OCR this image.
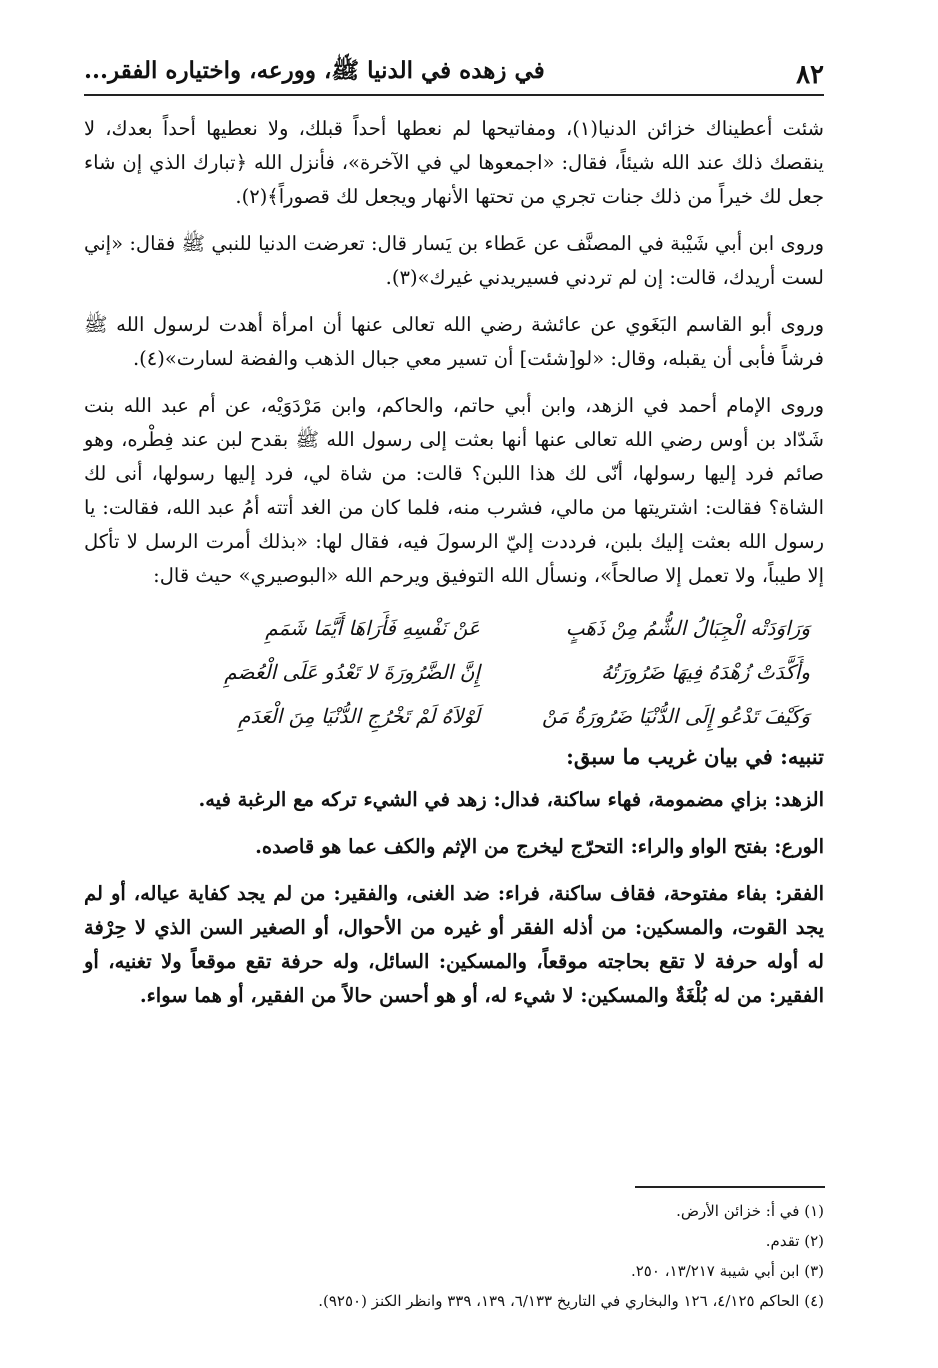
٨٢
في زهده في الدنيا ﷺ، وورعه، واختياره الفقر...

شئت أعطيناك خزائن الدنيا(١)، ومفاتيحها لم نعطها أحداً قبلك، ولا نعطيها أحداً بعدك، لا ينقصك ذلك عند الله شيئاً، فقال: «اجمعوها لي في الآخرة»، فأنزل الله ﴿تبارك الذي إن شاء جعل لك خيراً من ذلك جنات تجري من تحتها الأنهار ويجعل لك قصوراً﴾(٢).

وروى ابن أبي شَيْبة في المصنَّف عن عَطاء بن يَسار قال: تعرضت الدنيا للنبي ﷺ فقال: «إني لست أريدك، قالت: إن لم تردني فسيريدني غيرك»(٣).

وروى أبو القاسم البَغَوي عن عائشة رضي الله تعالى عنها أن امرأة أهدت لرسول الله ﷺ فرشاً فأبى أن يقبله، وقال: «لو[شئت] أن تسير معي جبال الذهب والفضة لسارت»(٤).

وروى الإمام أحمد في الزهد، وابن أبي حاتم، والحاكم، وابن مَرْدَوَيْه، عن أم عبد الله بنت شَدّاد بن أوس رضي الله تعالى عنها أنها بعثت إلى رسول الله ﷺ بقدح لبن عند فِطْره، وهو صائم فرد إليها رسولها، أنّى لك هذا اللبن؟ قالت: من شاة لي، فرد إليها رسولها، أنى لك الشاة؟ فقالت: اشتريتها من مالي، فشرب منه، فلما كان من الغد أتته أمُ عبد الله، فقالت: يا رسول الله بعثت إليك بلبن، فرددت إليّ الرسولَ فيه، فقال لها: «بذلك أمرت الرسل لا تأكل إلا طيباً، ولا تعمل إلا صالحاً»، ونسأل الله التوفيق ويرحم الله «البوصيري» حيث قال:

وَرَاوَدَتْه الْجِبَالُ الشُّمُ مِنْ ذَهَبٍ
عَنْ نَفْسِهِ فَأَرَاهَا أَيَّمَا شَمَمِ
وأَكَّدَتْ زُهْدَهُ فِيهَا ضَرُورَتُهُ
إِنَّ الضَّرُورَةَ لا تَعْدُو عَلَى الْعُصَمِ
وَكَيْفَ تَدْعُو إِلَى الدُّنْيَا ضَرُورَةُ مَنْ
لَوْلاَهُ لَمْ تَخْرُجِ الدُّنْيَا مِنَ الْعَدَمِ
تنبيه: في بيان غريب ما سبق:

الزهد: بزاي مضمومة، فهاء ساكنة، فدال: زهد في الشيء تركه مع الرغبة فيه.

الورع: بفتح الواو والراء: التحرّج ليخرج من الإثم والكف عما هو قاصده.

الفقر: بفاء مفتوحة، فقاف ساكنة، فراء: ضد الغنى، والفقير: من لم يجد كفاية عياله، أو لم يجد القوت، والمسكين: من أذله الفقر أو غيره من الأحوال، أو الصغير السن الذي لا حِرْفة له أوله حرفة لا تقع بحاجته موقعاً، والمسكين: السائل، وله حرفة تقع موقعاً ولا تغنيه، أو الفقير: من له بُلْغَةٌ والمسكين: لا شيء له، أو هو أحسن حالاً من الفقير، أو هما سواء.

(١) في أ: خزائن الأرض.

(٢) تقدم.

(٣) ابن أبي شيبة ١٣/٢١٧، ٢٥٠.

(٤) الحاكم ٤/١٢٥، ١٢٦ والبخاري في التاريخ ٦/١٣٣، ١٣٩، ٣٣٩ وانظر الكنز (٩٢٥٠).
